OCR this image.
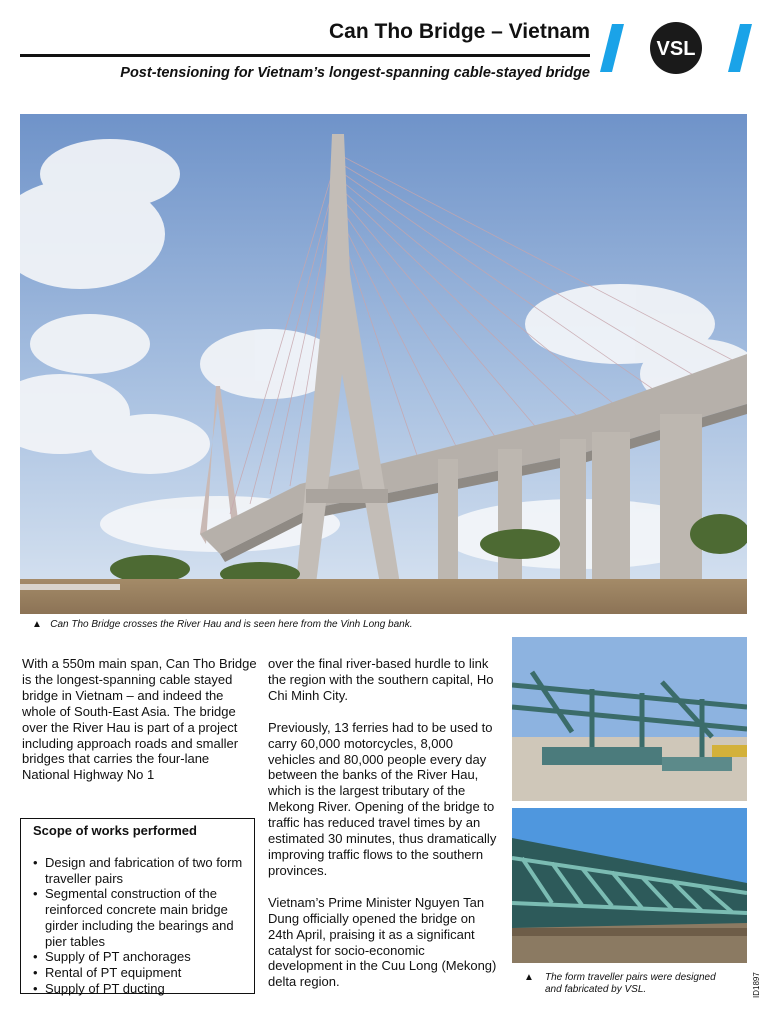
Can Tho Bridge – Vietnam
Post-tensioning for Vietnam’s longest-spanning cable-stayed bridge
VSL
▲ Can Tho Bridge crosses the River Hau and is seen here from the Vinh Long bank.

With a 550m main span, Can Tho Bridge is the longest-spanning cable stayed bridge in Vietnam – and indeed the whole of South-East Asia. The bridge over the River Hau is part of a project including approach roads and smaller bridges that carries the four-lane National Highway No 1

Scope of works performed

• Design and fabrication of two form traveller pairs
• Segmental construction of the reinforced concrete main bridge girder including the bearings and pier tables
• Supply of PT anchorages
• Rental of PT equipment
• Supply of PT ducting

over the final river-based hurdle to link the region with the southern capital, Ho Chi Minh City.

Previously, 13 ferries had to be used to carry 60,000 motorcycles, 8,000 vehicles and 80,000 people every day between the banks of the River Hau, which is the largest tributary of the Mekong River. Opening of the bridge to traffic has reduced travel times by an estimated 30 minutes, thus dramatically improving traffic flows to the southern provinces.

Vietnam’s Prime Minister Nguyen Tan Dung officially opened the bridge on 24th April, praising it as a significant catalyst for socio-economic development in the Cuu Long (Mekong) delta region.	▲	The form traveller pairs were designed and fabricated by VSL.	ID1897
